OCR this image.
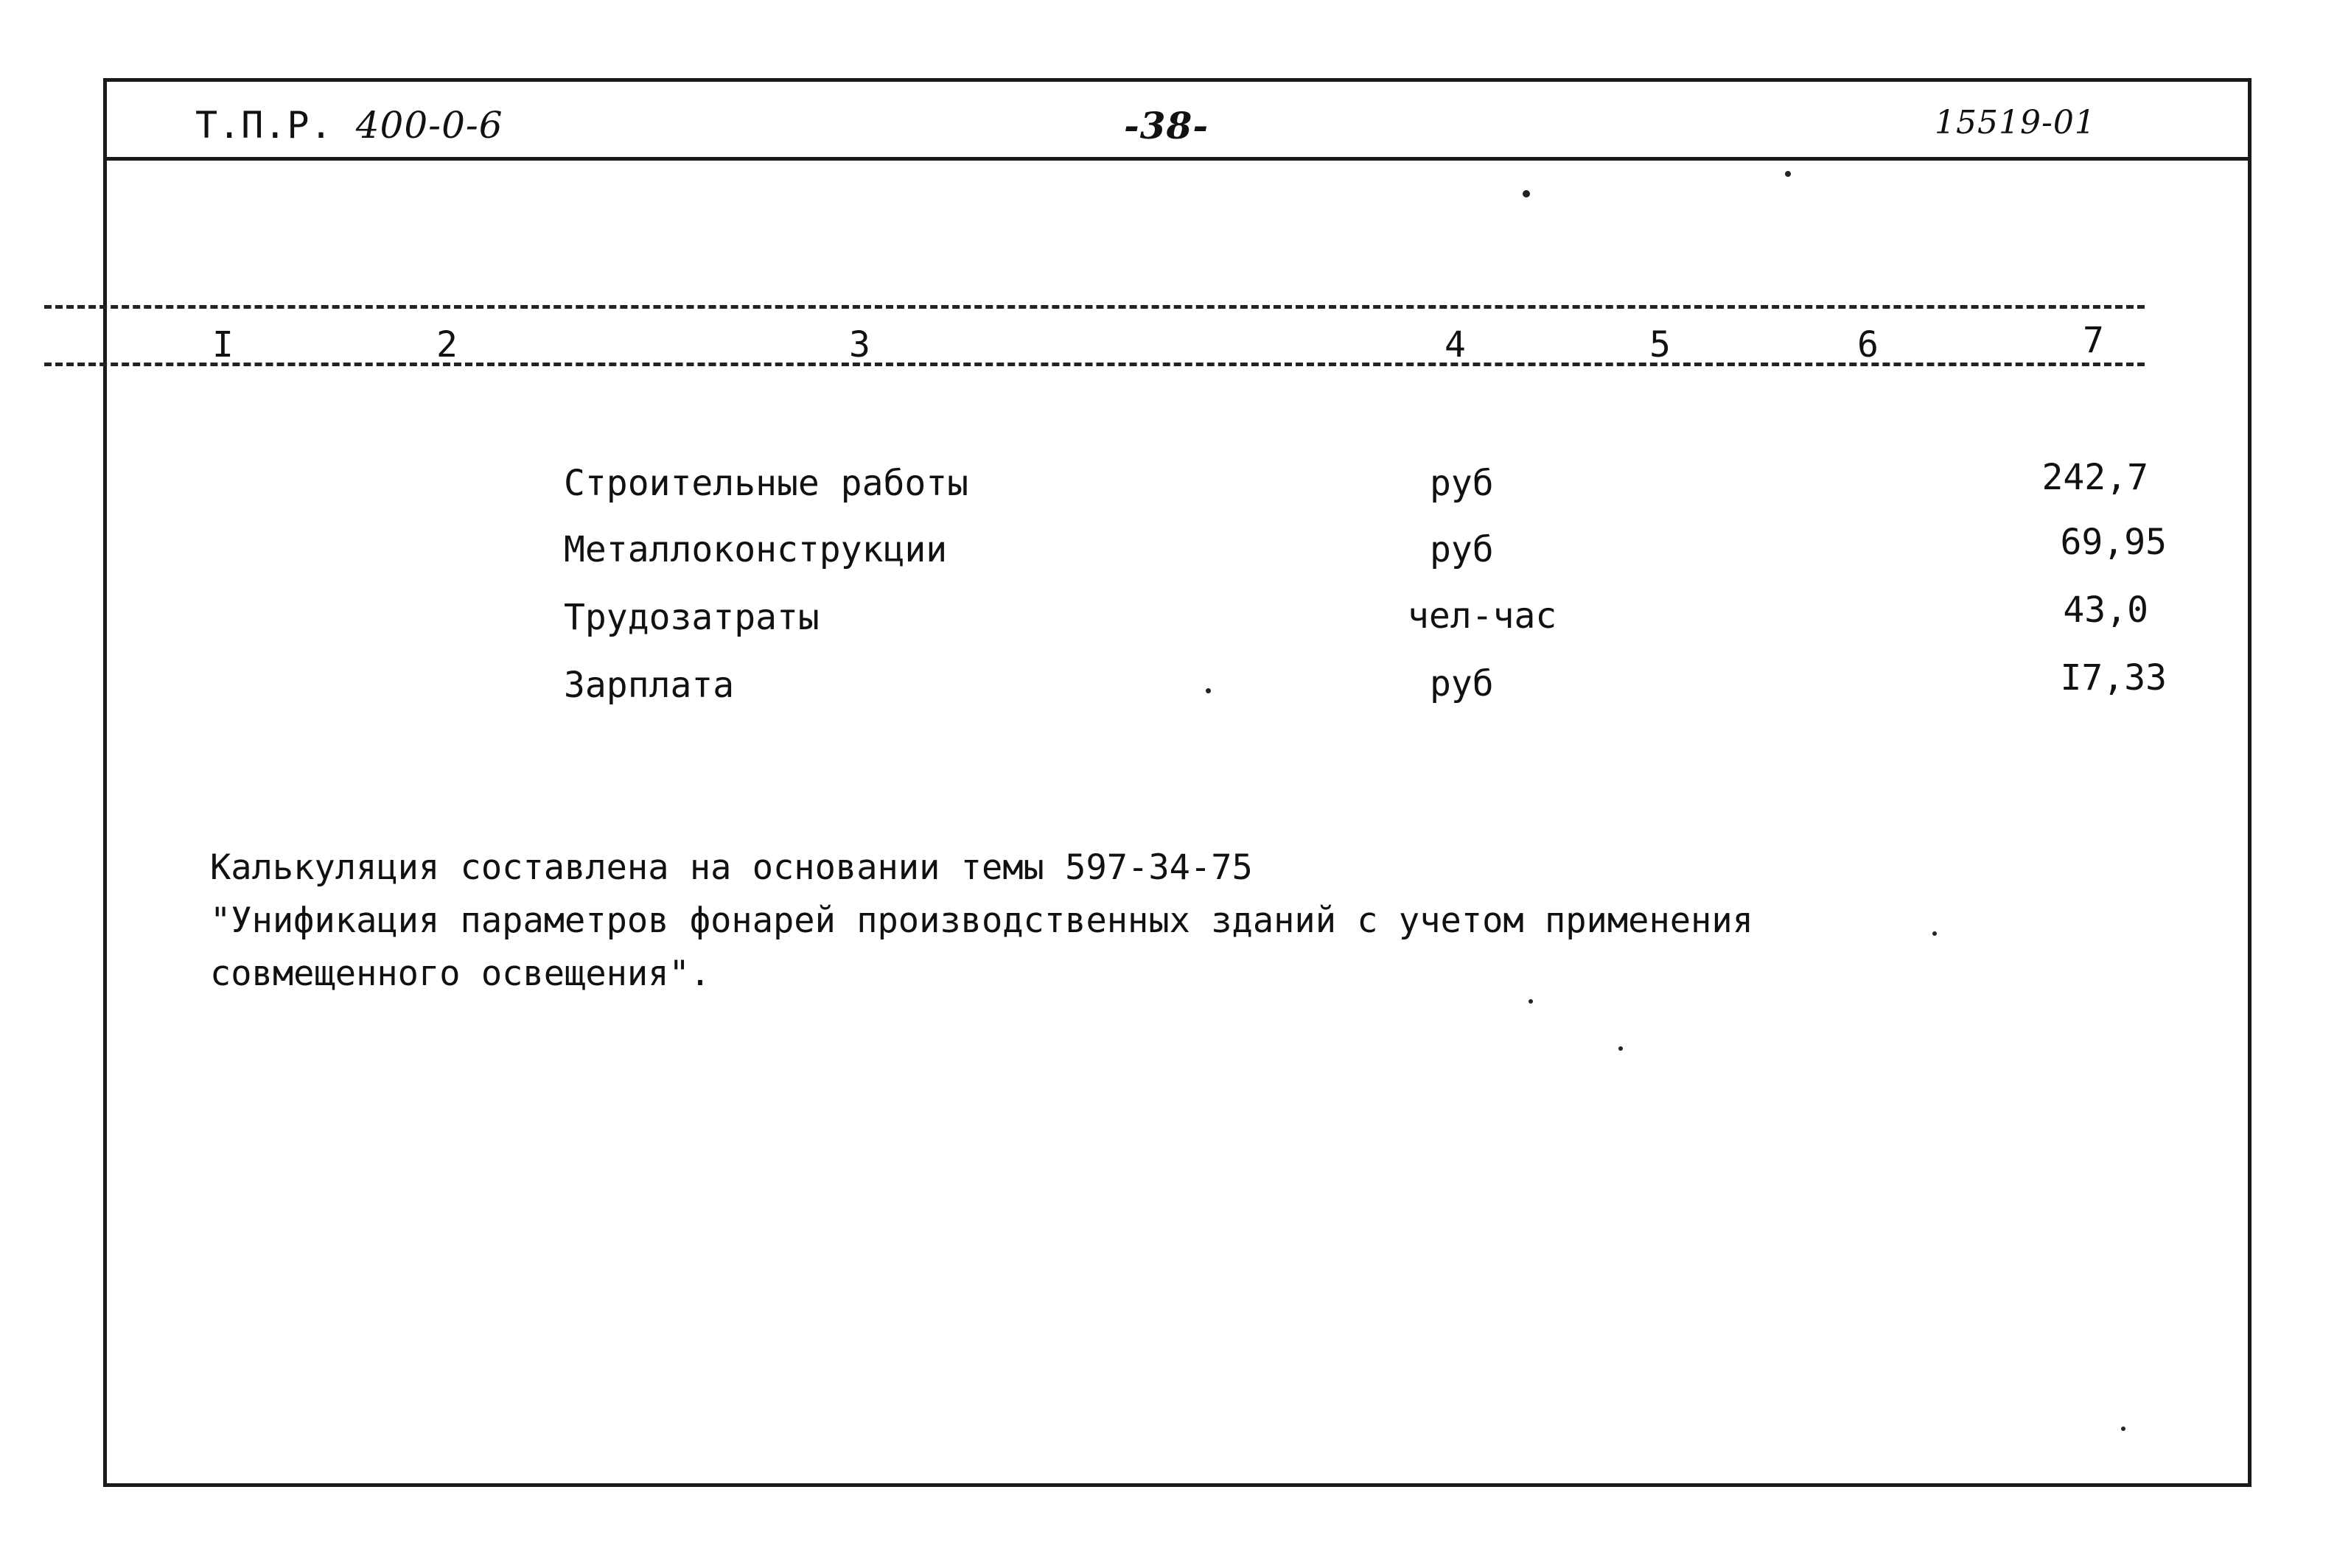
Т.П.Р. 400-0-6	-38-	15519-01
I	2	3	4	5	6	7
Строительные работы	руб	242,7
Металлоконструкции	руб	69,95
Трудозатраты	чел-час	43,0
Зарплата	руб	I7,33
Калькуляция составлена на основании темы 597-34-75
"Унификация параметров фонарей производственных зданий с учетом применения
совмещенного освещения".
